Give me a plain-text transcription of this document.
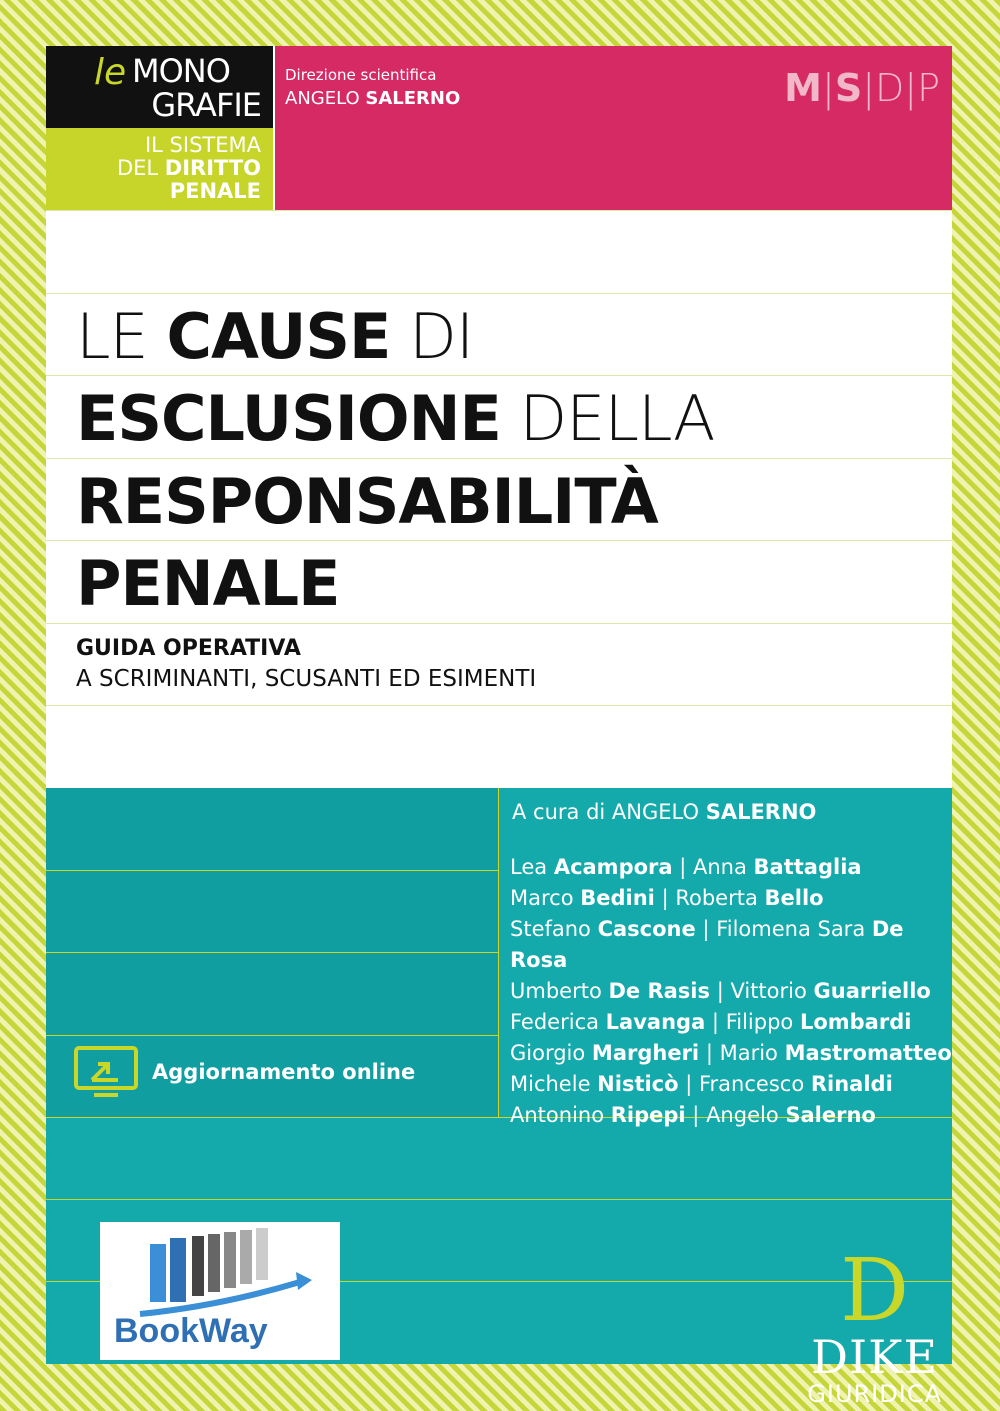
le MONO
GRAFIE
IL SISTEMA
DEL DIRITTO
PENALE
Direzione scientifica
ANGELO SALERNO	M|S|D|P
LE CAUSE DI
ESCLUSIONE DELLA
RESPONSABILITÀ
PENALE
GUIDA OPERATIVA
A SCRIMINANTI, SCUSANTI ED ESIMENTI
A cura di ANGELO SALERNO
Lea Acampora | Anna Battaglia
Marco Bedini | Roberta Bello
Stefano Cascone | Filomena Sara De Rosa
Umberto De Rasis | Vittorio Guarriello
Federica Lavanga | Filippo Lombardi
Giorgio Margheri | Mario Mastromatteo
Michele Nisticò | Francesco Rinaldi
Antonino Ripepi | Angelo Salerno
Aggiornamento online
BookWay	D
DIKE
GIURIDICA
